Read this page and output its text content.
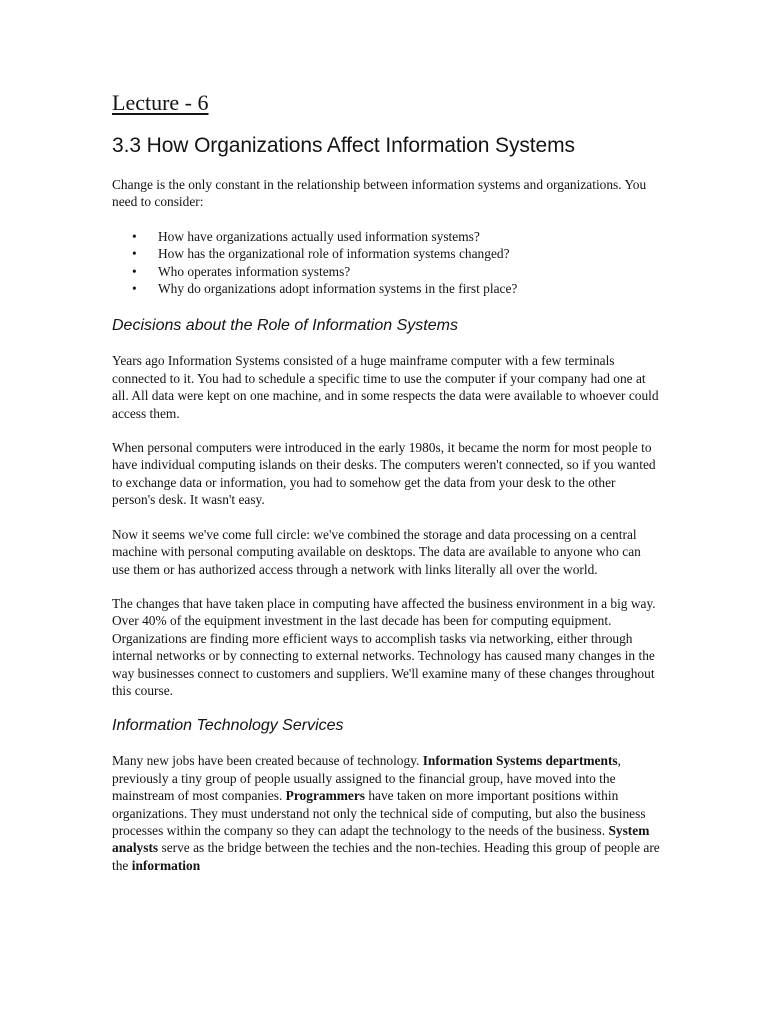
Lecture - 6
3.3 How Organizations Affect Information Systems

Change is the only constant in the relationship between information systems and organizations. You need to consider:

• How have organizations actually used information systems?
• How has the organizational role of information systems changed?
• Who operates information systems?
• Why do organizations adopt information systems in the first place?
Decisions about the Role of Information Systems

Years ago Information Systems consisted of a huge mainframe computer with a few terminals connected to it. You had to schedule a specific time to use the computer if your company had one at all. All data were kept on one machine, and in some respects the data were available to whoever could access them.

When personal computers were introduced in the early 1980s, it became the norm for most people to have individual computing islands on their desks. The computers weren't connected, so if you wanted to exchange data or information, you had to somehow get the data from your desk to the other person's desk. It wasn't easy.

Now it seems we've come full circle: we've combined the storage and data processing on a central machine with personal computing available on desktops. The data are available to anyone who can use them or has authorized access through a network with links literally all over the world.

The changes that have taken place in computing have affected the business environment in a big way. Over 40% of the equipment investment in the last decade has been for computing equipment. Organizations are finding more efficient ways to accomplish tasks via networking, either through internal networks or by connecting to external networks. Technology has caused many changes in the way businesses connect to customers and suppliers. We'll examine many of these changes throughout this course.

Information Technology Services

Many new jobs have been created because of technology. Information Systems departments, previously a tiny group of people usually assigned to the financial group, have moved into the mainstream of most companies. Programmers have taken on more important positions within organizations. They must understand not only the technical side of computing, but also the business processes within the company so they can adapt the technology to the needs of the business. System analysts serve as the bridge between the techies and the non-techies. Heading this group of people are the information
